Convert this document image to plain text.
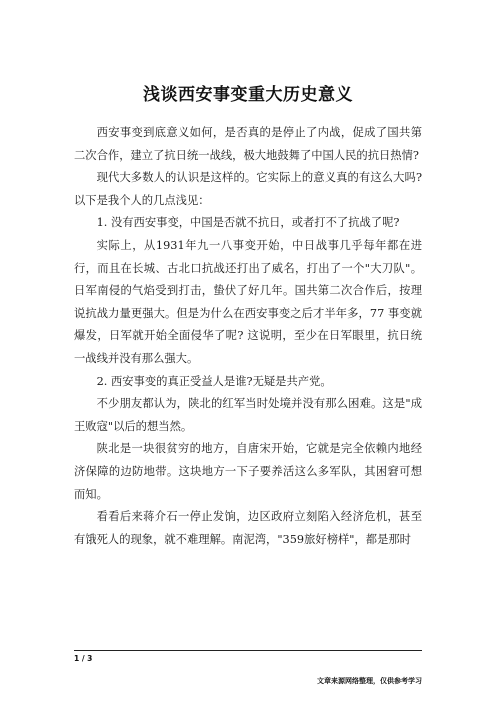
浅谈西安事变重大历史意义

西安事变到底意义如何，是否真的是停止了内战，促成了国共第二次合作，建立了抗日统一战线，极大地鼓舞了中国人民的抗日热情?

现代大多数人的认识是这样的。它实际上的意义真的有这么大吗?以下是我个人的几点浅见：

1. 没有西安事变，中国是否就不抗日，或者打不了抗战了呢?

实际上，从1931年九一八事变开始，中日战事几乎每年都在进行，而且在长城、古北口抗战还打出了威名，打出了一个"大刀队"。日军南侵的气焰受到打击，蛰伏了好几年。国共第二次合作后，按理说抗战力量更强大。但是为什么在西安事变之后才半年多，77 事变就爆发，日军就开始全面侵华了呢? 这说明，至少在日军眼里，抗日统一战线并没有那么强大。

2. 西安事变的真正受益人是谁?无疑是共产党。

不少朋友都认为，陕北的红军当时处境并没有那么困难。这是"成王败寇"以后的想当然。

陕北是一块很贫穷的地方，自唐宋开始，它就是完全依赖内地经济保障的边防地带。这块地方一下子要养活这么多军队，其困窘可想而知。

看看后来蒋介石一停止发饷，边区政府立刻陷入经济危机，甚至有饿死人的现象，就不难理解。南泥湾，"359旅好榜样"，都是那时

1 / 3
文章来源网络整理，仅供参考学习
